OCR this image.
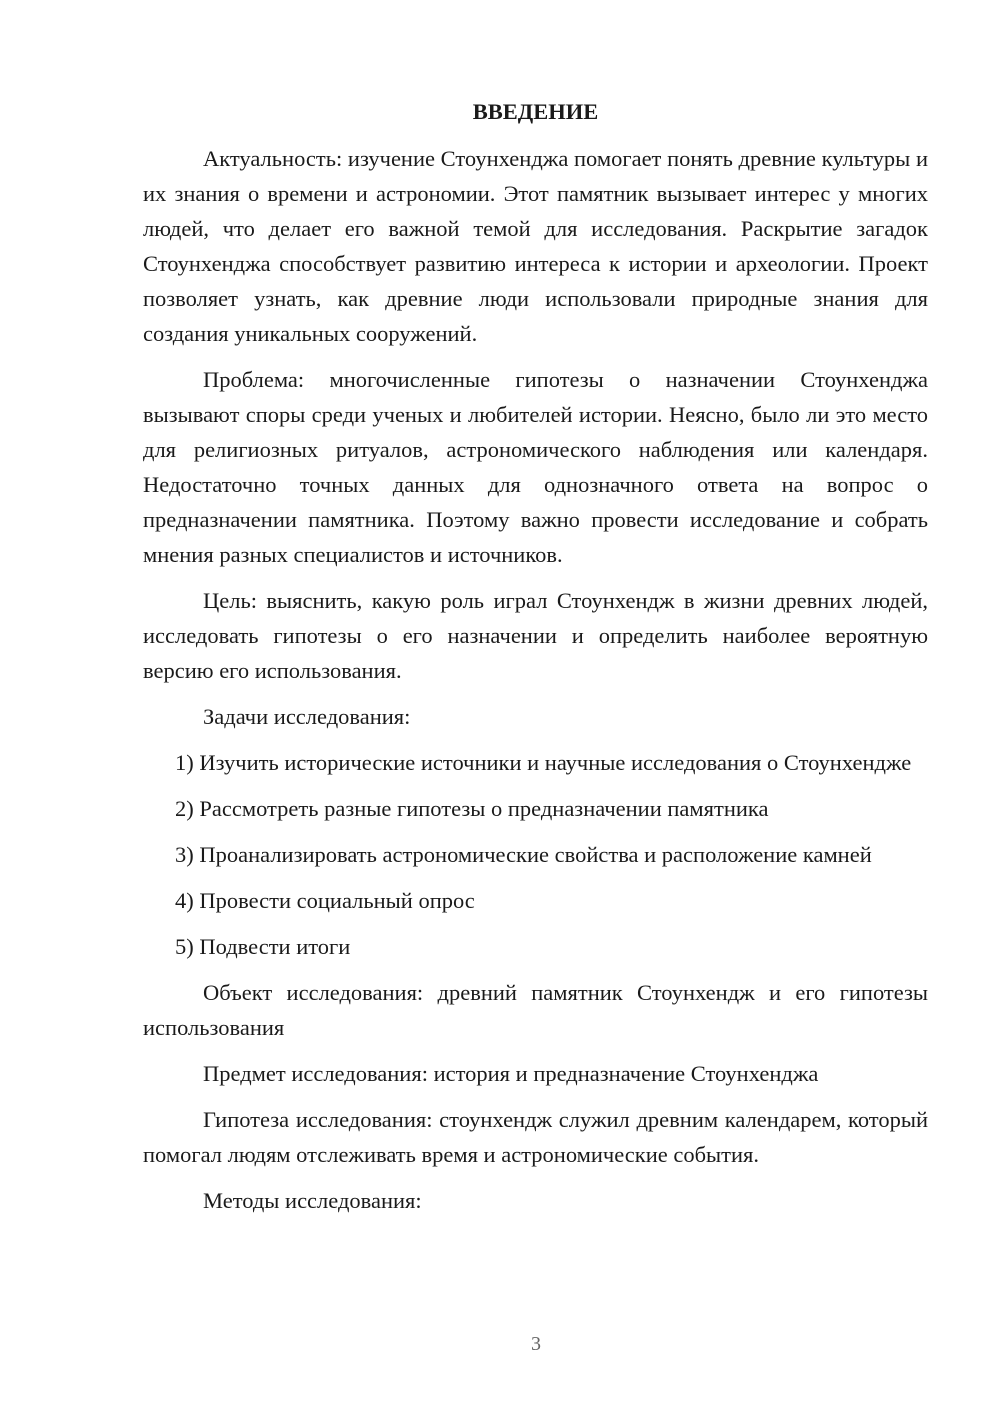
ВВЕДЕНИЕ

Актуальность: изучение Стоунхенджа помогает понять древние культуры и их знания о времени и астрономии. Этот памятник вызывает интерес у многих людей, что делает его важной темой для исследования. Раскрытие загадок Стоунхенджа способствует развитию интереса к истории и археологии. Проект позволяет узнать, как древние люди использовали природные знания для создания уникальных сооружений.

Проблема: многочисленные гипотезы о назначении Стоунхенджа вызывают споры среди ученых и любителей истории. Неясно, было ли это место для религиозных ритуалов, астрономического наблюдения или календаря. Недостаточно точных данных для однозначного ответа на вопрос о предназначении памятника. Поэтому важно провести исследование и собрать мнения разных специалистов и источников.

Цель: выяснить, какую роль играл Стоунхендж в жизни древних людей, исследовать гипотезы о его назначении и определить наиболее вероятную версию его использования.

Задачи исследования:

1) Изучить исторические источники и научные исследования о Стоунхендже

2) Рассмотреть разные гипотезы о предназначении памятника

3) Проанализировать астрономические свойства и расположение камней

4) Провести социальный опрос

5) Подвести итоги

Объект исследования: древний памятник Стоунхендж и его гипотезы использования

Предмет исследования: история и предназначение Стоунхенджа

Гипотеза исследования: стоунхендж служил древним календарем, который помогал людям отслеживать время и астрономические события.

Методы исследования:

3
